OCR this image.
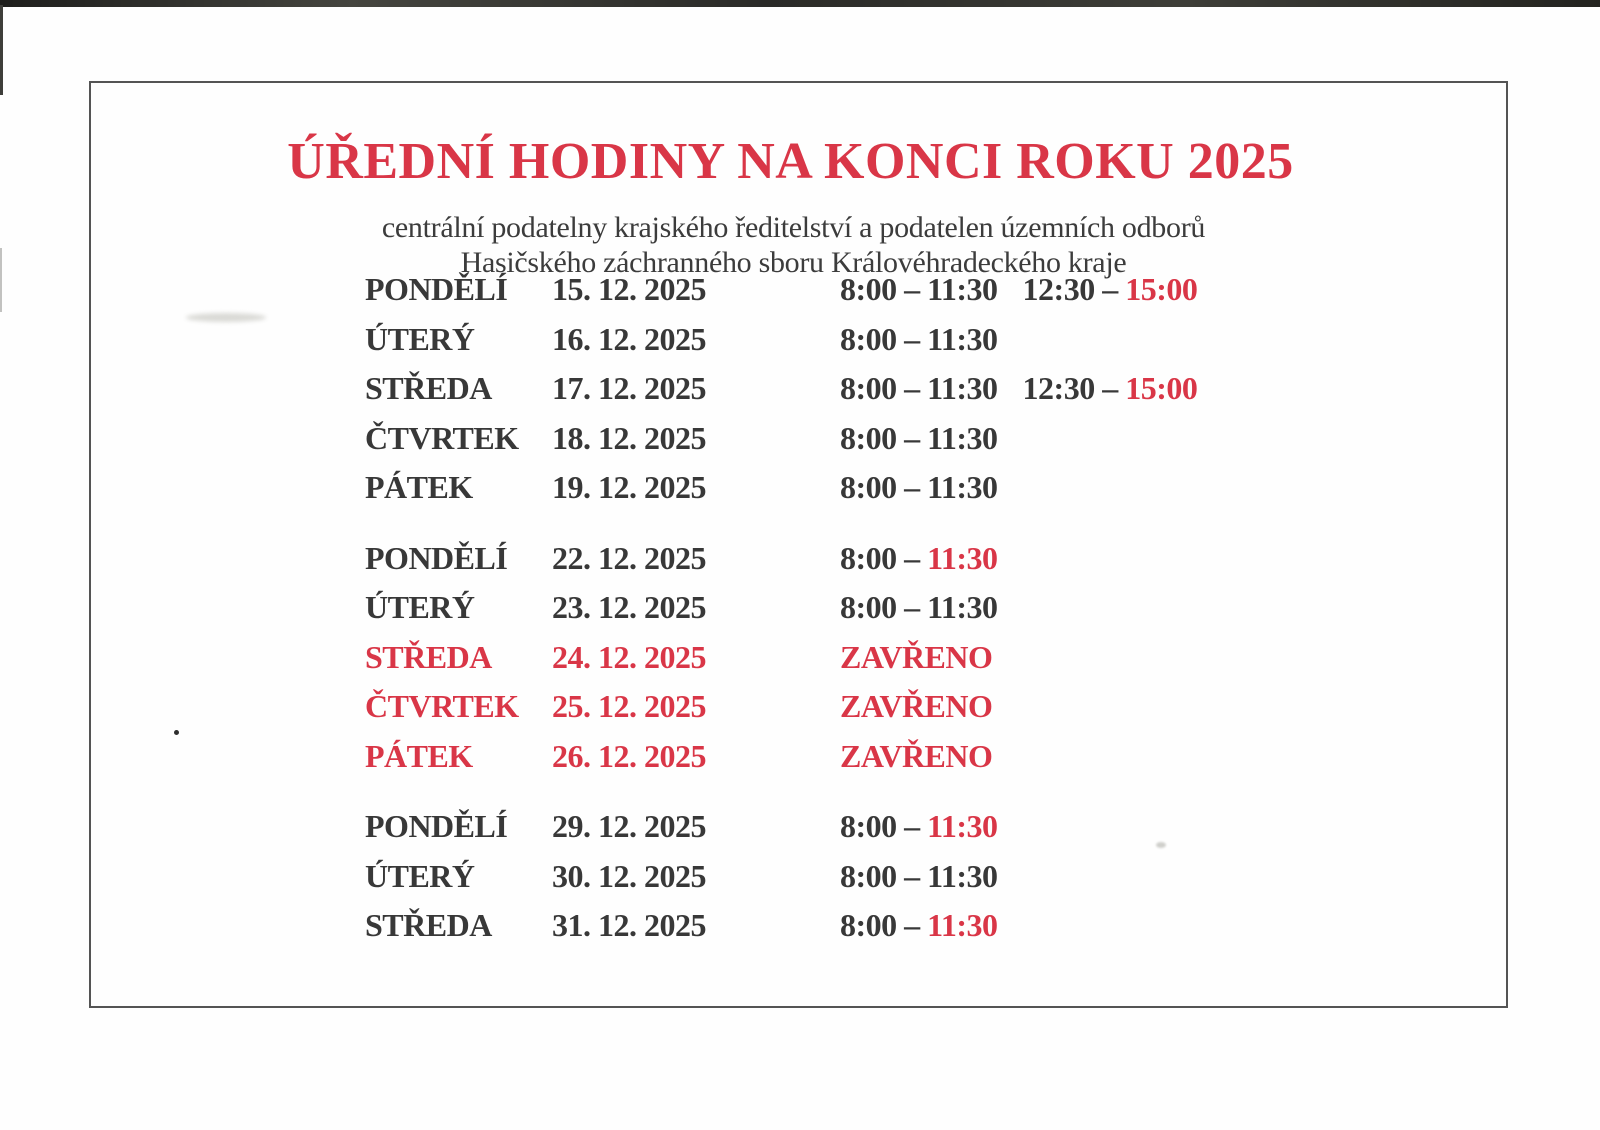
ÚŘEDNÍ HODINY NA KONCI ROKU 2025

centrální podatelny krajského ředitelství a podatelen územních odborů

Hasičského záchranného sboru Královéhradeckého kraje

PONDĚLÍ	15. 12. 2025	8:00 – 11:30 12:30 – 15:00
ÚTERÝ	16. 12. 2025	8:00 – 11:30
STŘEDA	17. 12. 2025	8:00 – 11:30 12:30 – 15:00
ČTVRTEK	18. 12. 2025	8:00 – 11:30
PÁTEK	19. 12. 2025	8:00 – 11:30
PONDĚLÍ	22. 12. 2025	8:00 – 11:30
ÚTERÝ	23. 12. 2025	8:00 – 11:30
STŘEDA	24. 12. 2025	ZAVŘENO
ČTVRTEK	25. 12. 2025	ZAVŘENO
PÁTEK	26. 12. 2025	ZAVŘENO
PONDĚLÍ	29. 12. 2025	8:00 – 11:30
ÚTERÝ	30. 12. 2025	8:00 – 11:30
STŘEDA	31. 12. 2025	8:00 – 11:30
